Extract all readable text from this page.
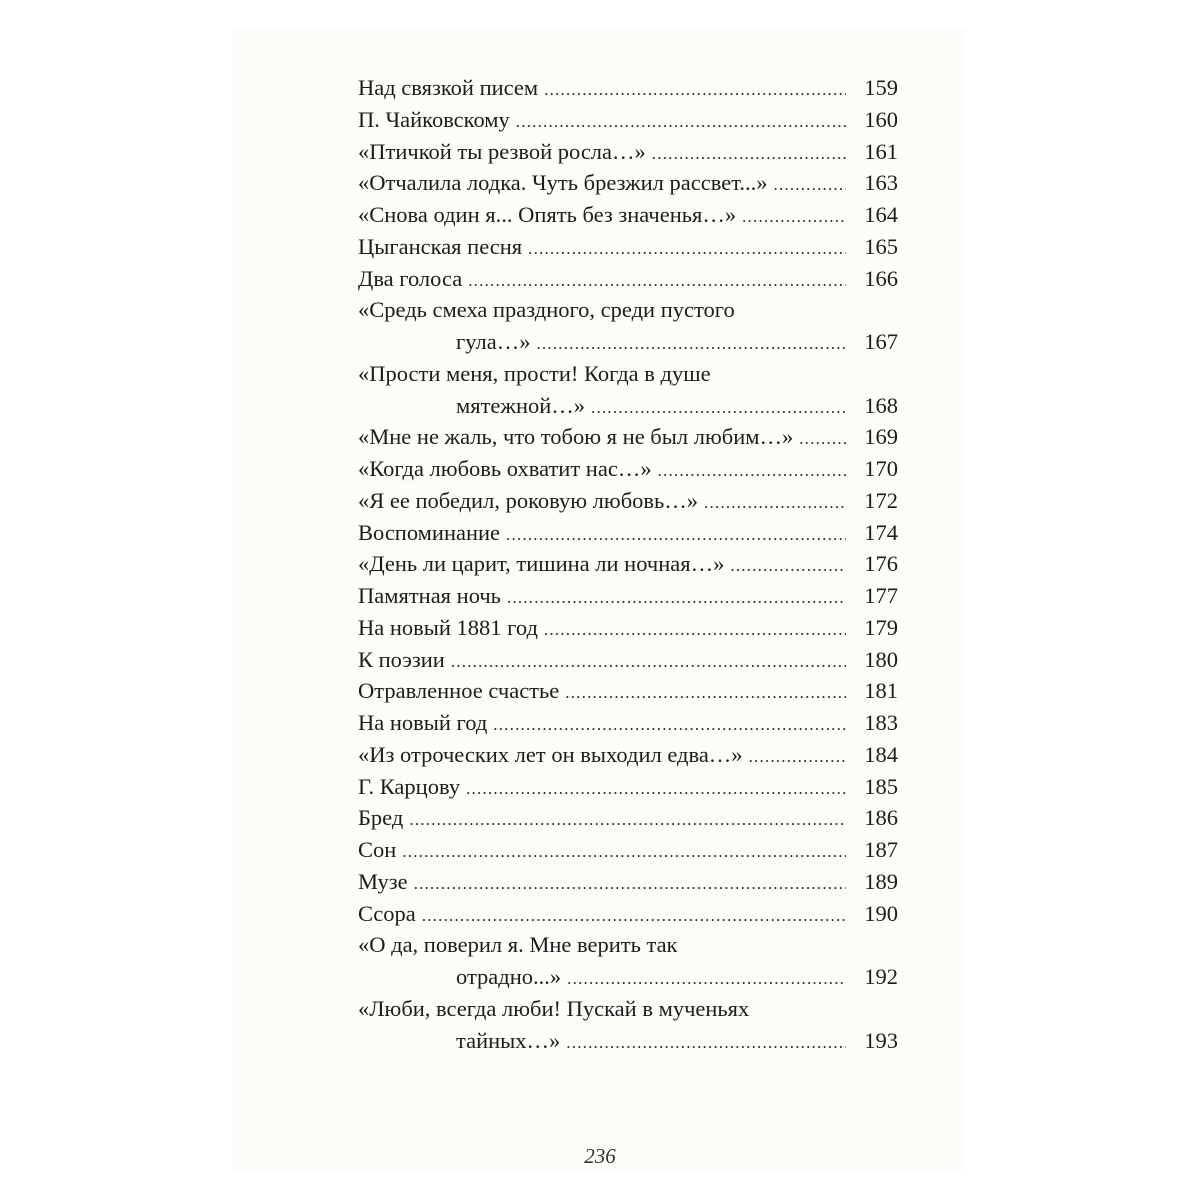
Над связкой писем .....	159
П. Чайковскому .....	160
«Птичкой ты резвой росла…» .....	161
«Отчалила лодка. Чуть брезжил рассвет...» .....	163
«Снова один я... Опять без значенья…» .....	164
Цыганская песня .....	165
Два голоса .....	166
«Средь смеха праздного, среди пустого
гула…» .....	167
«Прости меня, прости! Когда в душе
мятежной…» .....	168
«Мне не жаль, что тобою я не был любим…» .....	169
«Когда любовь охватит нас…» .....	170
«Я ее победил, роковую любовь…» .....	172
Воспоминание .....	174
«День ли царит, тишина ли ночная…» .....	176
Памятная ночь .....	177
На новый 1881 год .....	179
К поэзии .....	180
Отравленное счастье .....	181
На новый год .....	183
«Из отроческих лет он выходил едва…» .....	184
Г. Карцову .....	185
Бред .....	186
Сон .....	187
Музе .....	189
Ссора .....	190
«О да, поверил я. Мне верить так
отрадно...» .....	192
«Люби, всегда люби! Пускай в мученьях
тайных…» .....	193
236
